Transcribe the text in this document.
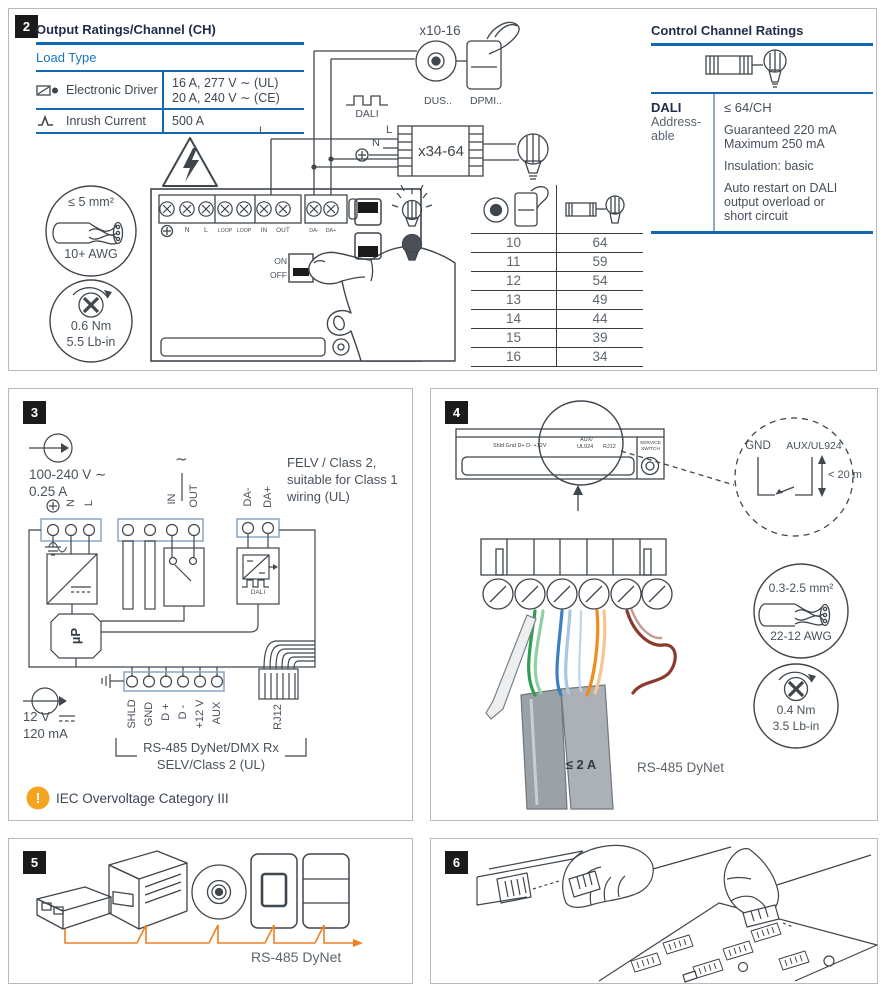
2 Output Ratings/Channel (CH)
Load Type
Electronic Driver 16 A, 277 V ∼ (UL)
20 A, 240 V ∼ (CE)
Inrush Current 500 A
x10-16
DUS..	DPMI..
DALI
L	L
N	x34-64
ON
OFF
N	L	LOOP LOOP	IN	OUT	DA-	DA+
≤ 5 mm²
10+ AWG
0.6 Nm
5.5 Lb-in
10	64
11	59
12	54
13	49
14	44
15	39
16	34
Control Channel Ratings
DALI
Address-
able
≤ 64/CH
Guaranteed 220 mA
Maximum 250 mA
Insulation: basic
Auto restart on DALI
output overload or
short circuit
3
100-240 V ∼
0.25 A
∼	FELV / Class 2,
suitable for Class 1
wiring (UL)
N L	IN OUT	DA- DA+
µP
DALI
SHLD GND D + D - +12 V AUX	RJ12
12 V
120 mA
RS-485 DyNet/DMX Rx
SELV/Class 2 (UL)
!	IEC Overvoltage Category III
4
Shld Gnd D+ D- +12V
AUX/
UL924 RJ12
SERVICE
SWITCH	GND	AUX/UL924
< 20 m
0.3-2.5 mm²
22-12 AWG
0.4 Nm
3.5 Lb-in
≤ 2 A	RS-485 DyNet
5
RS-485 DyNet
6
